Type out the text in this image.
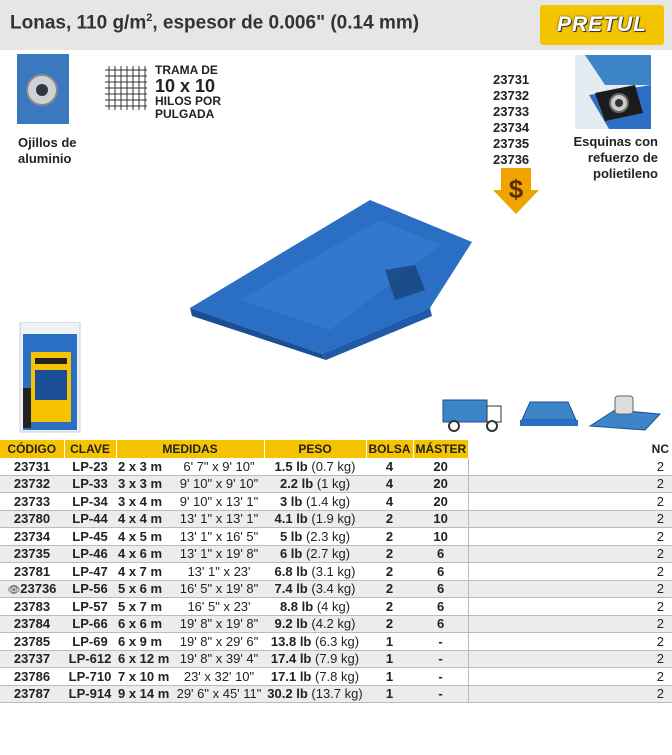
Lonas, 110 $g/m^2$, espesor de 0.006" (0.14 mm)	PRETUL
Ojillos de
aluminio
TRAMA DE
10 x 10
HILOS POR
PULGADA
23731
23732
23733
23734
23735
23736
$
Esquinas con
refuerzo de
polietileno
CÓDIGO	CLAVE	MEDIDAS		PESO	BOLSA	MÁSTER		NC
23731	LP-23	2 x 3 m	6' 7" x 9' 10"	1.5 lb (0.7 kg)	4	20		2
23732	LP-33	3 x 3 m	9' 10" x 9' 10"	2.2 lb (1 kg)	4	20		2
23733	LP-34	3 x 4 m	9' 10" x 13' 1"	3 lb (1.4 kg)	4	20		2
23780	LP-44	4 x 4 m	13' 1" x 13' 1"	4.1 lb (1.9 kg)	2	10		2
23734	LP-45	4 x 5 m	13' 1" x 16' 5"	5 lb (2.3 kg)	2	10		2
23735	LP-46	4 x 6 m	13' 1" x 19' 8"	6 lb (2.7 kg)	2	6		2
23781	LP-47	4 x 7 m	13' 1" x 23'	6.8 lb (3.1 kg)	2	6		2
👁23736	LP-56	5 x 6 m	16' 5" x 19' 8"	7.4 lb (3.4 kg)	2	6		2
23783	LP-57	5 x 7 m	16' 5" x 23'	8.8 lb (4 kg)	2	6		2
23784	LP-66	6 x 6 m	19' 8" x 19' 8"	9.2 lb (4.2 kg)	2	6		2
23785	LP-69	6 x 9 m	19' 8" x 29' 6"	13.8 lb (6.3 kg)	1	-		2
23737	LP-612	6 x 12 m	19' 8" x 39' 4"	17.4 lb (7.9 kg)	1	-		2
23786	LP-710	7 x 10 m	23' x 32' 10"	17.1 lb (7.8 kg)	1	-		2
23787	LP-914	9 x 14 m	29' 6" x 45' 11"	30.2 lb (13.7 kg)	1	-		2
